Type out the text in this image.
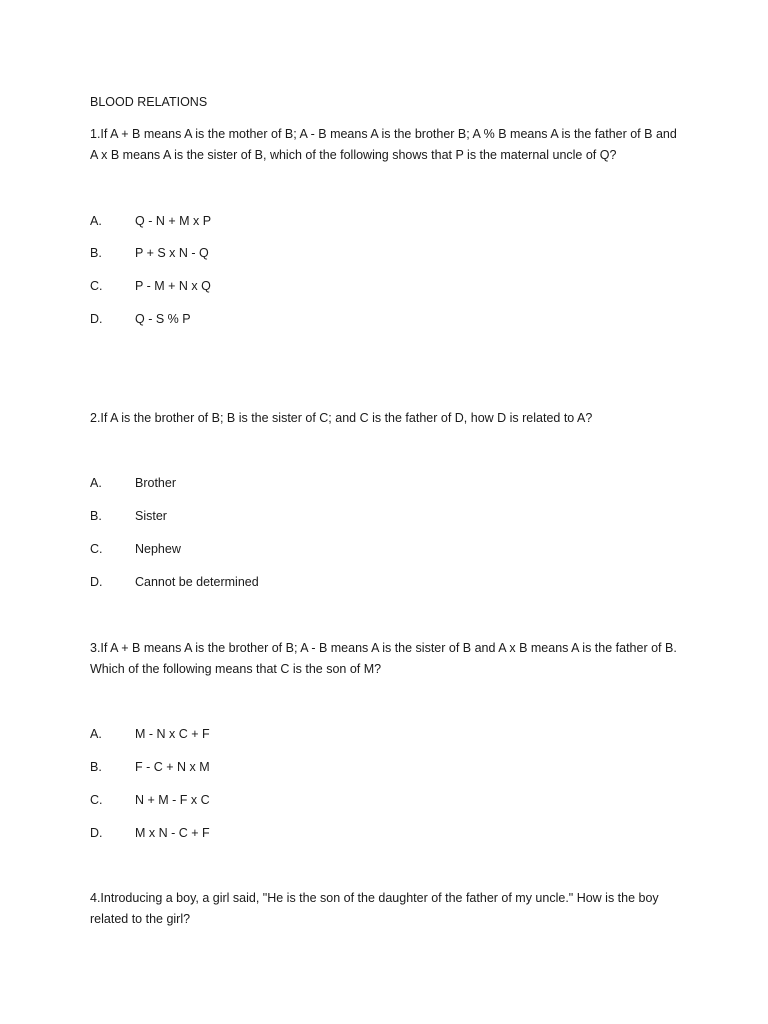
BLOOD RELATIONS
1.If A + B means A is the mother of B; A - B means A is the brother B; A % B means A is the father of B and A x B means A is the sister of B, which of the following shows that P is the maternal uncle of Q?
A.	Q - N + M x P
B.	P + S x N - Q
C.	P - M + N x Q
D.	Q - S % P
2.If A is the brother of B; B is the sister of C; and C is the father of D, how D is related to A?
A.	Brother
B.	Sister
C.	Nephew
D.	Cannot be determined
3.If A + B means A is the brother of B; A - B means A is the sister of B and A x B means A is the father of B. Which of the following means that C is the son of M?
A.	M - N x C + F
B.	F - C + N x M
C.	N + M - F x C
D.	M x N - C + F
4.Introducing a boy, a girl said, "He is the son of the daughter of the father of my uncle." How is the boy related to the girl?
